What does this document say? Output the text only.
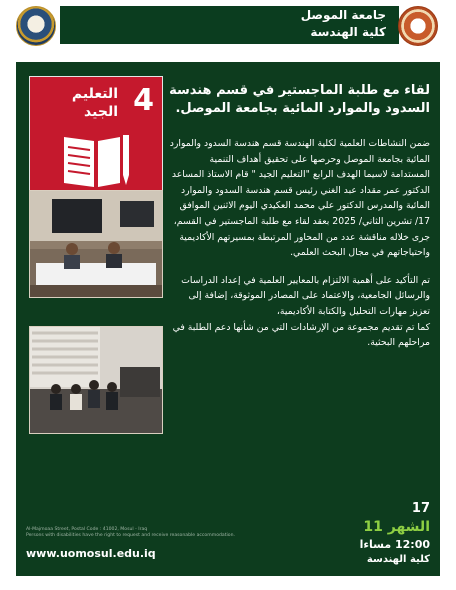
جامعة الموصل
كلية الهندسة
4
التعليم الجيد

لقاء مع طلبة الماجستير في قسم هندسة السدود والموارد المائية بجامعة الموصل.

ضمن النشاطات العلمية لكلية الهندسة قسم هندسة السدود والموارد المائية بجامعة الموصل وحرصها على تحقيق أهداف التنمية المستدامة لاسيما الهدف الرابع "التعليم الجيد " قام الاستاذ المساعد الدكتور عمر مقداد عبد الغني رئيس قسم هندسة السدود والموارد المائية والمدرس الدكتور علي محمد العكيدي اليوم الاثنين الموافق 17/ تشرين الثاني/ 2025 بعقد لقاء مع طلبة الماجستير في القسم، جرى خلاله مناقشة عدد من المحاور المرتبطة بمسيرتهم الأكاديمية واحتياجاتهم في مجال البحث العلمي.

تم التأكيد على أهمية الالتزام بالمعايير العلمية في إعداد الدراسات والرسائل الجامعية، والاعتماد على المصادر الموثوقة، إضافة إلى تعزيز مهارات التحليل والكتابة الأكاديمية،

كما تم تقديم مجموعة من الإرشادات التي من شأنها دعم الطلبة في مراحلهم البحثية.

17
الشهر 11
12:00 مساءا
كلية الهندسة
Al-Majmoaa Street, Postal Code : 41002, Mosul - Iraq
Persons with disabilities have the right to request and receive reasonable accommodation.
www.uomosul.edu.iq
